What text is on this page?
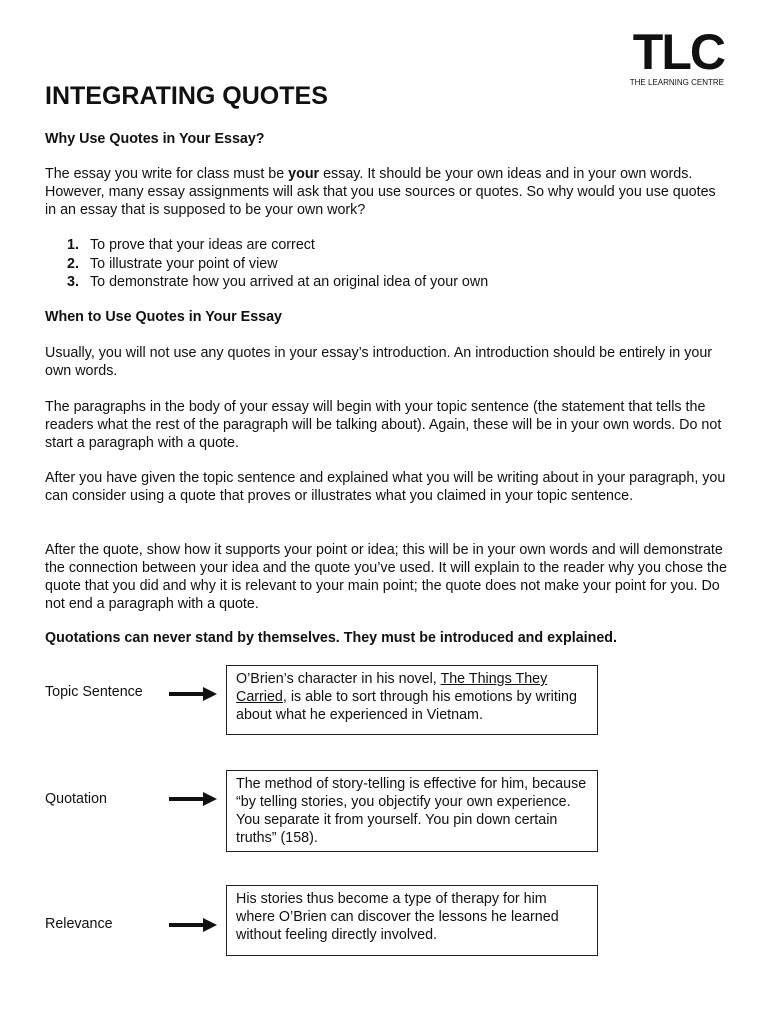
TLC
THE LEARNING CENTRE
INTEGRATING QUOTES

Why Use Quotes in Your Essay?

The essay you write for class must be your essay. It should be your own ideas and in your own words. However, many essay assignments will ask that you use sources or quotes. So why would you use quotes in an essay that is supposed to be your own work?

1. To prove that your ideas are correct
2. To illustrate your point of view
3. To demonstrate how you arrived at an original idea of your own

When to Use Quotes in Your Essay

Usually, you will not use any quotes in your essay’s introduction. An introduction should be entirely in your own words.

The paragraphs in the body of your essay will begin with your topic sentence (the statement that tells the readers what the rest of the paragraph will be talking about). Again, these will be in your own words. Do not start a paragraph with a quote.

After you have given the topic sentence and explained what you will be writing about in your paragraph, you can consider using a quote that proves or illustrates what you claimed in your topic sentence.

After the quote, show how it supports your point or idea; this will be in your own words and will demonstrate the connection between your idea and the quote you’ve used. It will explain to the reader why you chose the quote that you did and why it is relevant to your main point; the quote does not make your point for you. Do not end a paragraph with a quote.

Quotations can never stand by themselves. They must be introduced and explained.

Topic Sentence
O’Brien’s character in his novel, The Things They Carried, is able to sort through his emotions by writing about what he experienced in Vietnam.
Quotation
The method of story-telling is effective for him, because “by telling stories, you objectify your own experience. You separate it from yourself. You pin down certain truths” (158).
Relevance
His stories thus become a type of therapy for him where O’Brien can discover the lessons he learned without feeling directly involved.
